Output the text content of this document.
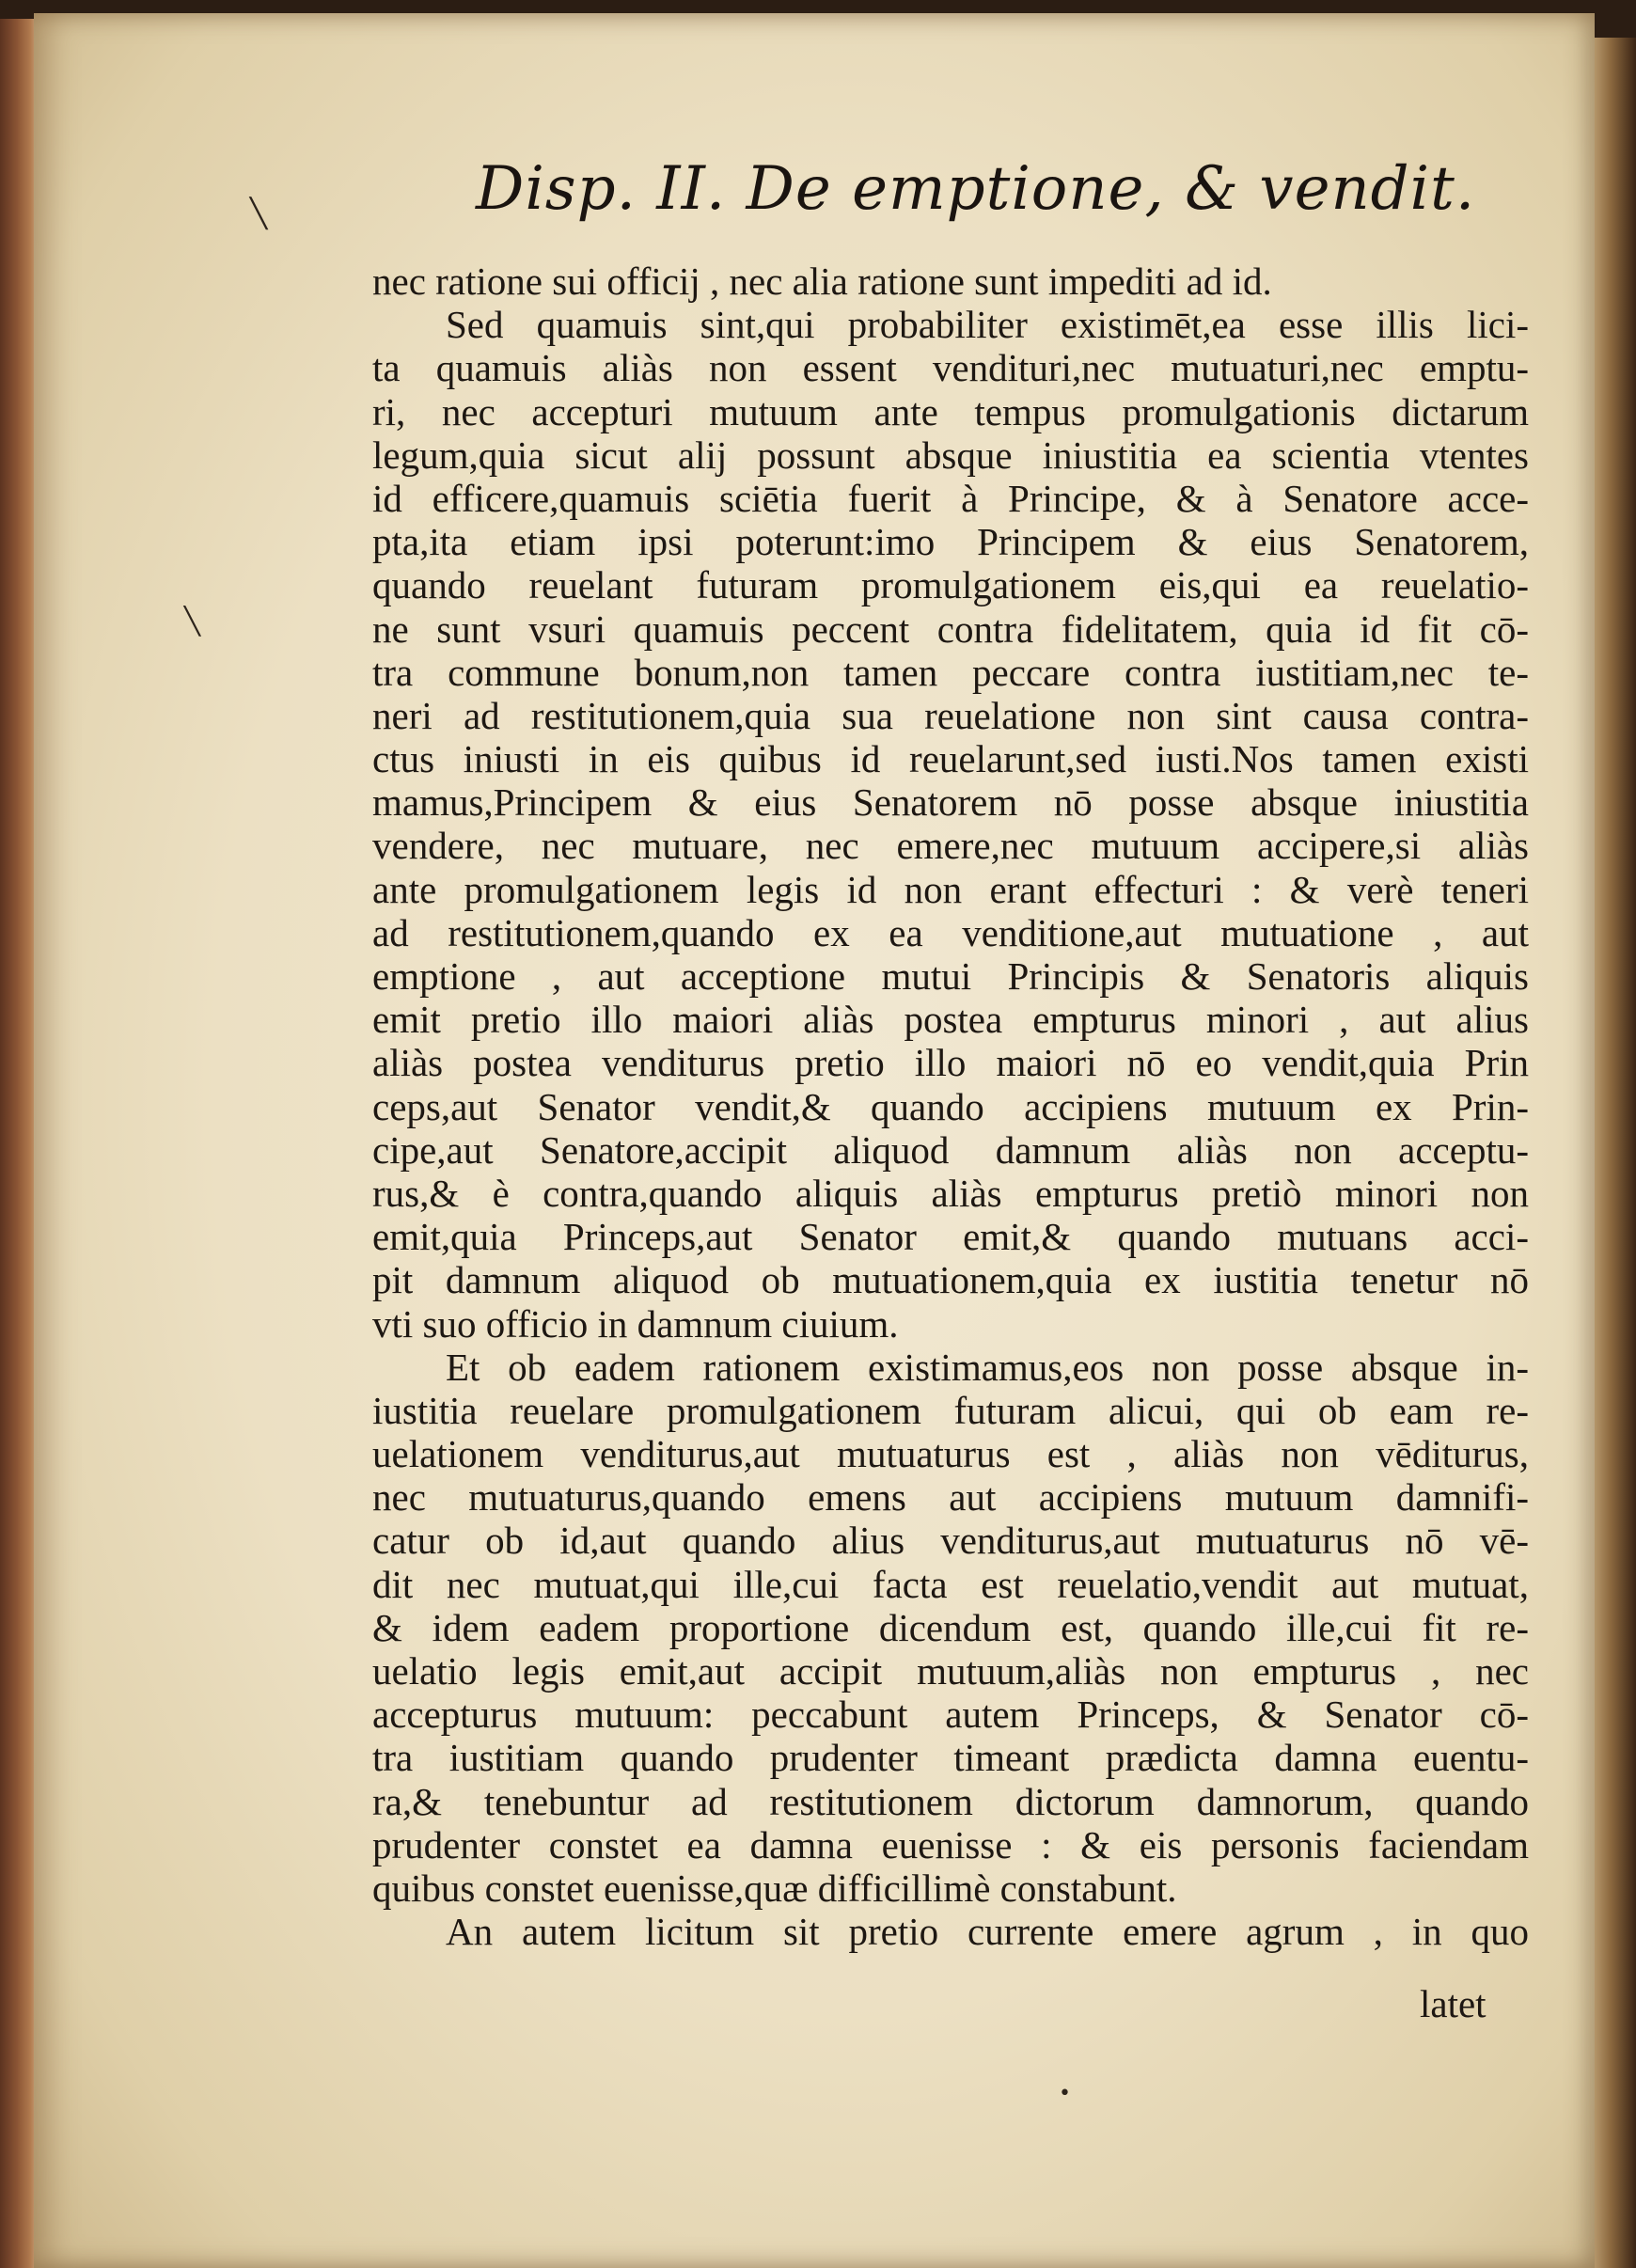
Disp. II. De emptione, & vendit.
nec ratione sui officij , nec alia ratione sunt impediti ad id.
Sed quamuis sint,qui probabiliter existimēt,ea esse illis lici-
ta quamuis aliàs non essent vendituri,nec mutuaturi,nec emptu-
ri, nec accepturi mutuum ante tempus promulgationis dictarum
legum,quia sicut alij possunt absque iniustitia ea scientia vtentes
id efficere,quamuis sciētia fuerit à Principe, & à Senatore acce-
pta,ita etiam ipsi poterunt:imo Principem & eius Senatorem,
quando reuelant futuram promulgationem eis,qui ea reuelatio-
ne sunt vsuri quamuis peccent contra fidelitatem, quia id fit cō-
tra commune bonum,non tamen peccare contra iustitiam,nec te-
neri ad restitutionem,quia sua reuelatione non sint causa contra-
ctus iniusti in eis quibus id reuelarunt,sed iusti.Nos tamen existi
mamus,Principem & eius Senatorem nō posse absque iniustitia
vendere, nec mutuare, nec emere,nec mutuum accipere,si aliàs
ante promulgationem legis id non erant effecturi : & verè teneri
ad restitutionem,quando ex ea venditione,aut mutuatione , aut
emptione , aut acceptione mutui Principis & Senatoris aliquis
emit pretio illo maiori aliàs postea empturus minori , aut alius
aliàs postea venditurus pretio illo maiori nō eo vendit,quia Prin
ceps,aut Senator vendit,& quando accipiens mutuum ex Prin-
cipe,aut Senatore,accipit aliquod damnum aliàs non acceptu-
rus,& è contra,quando aliquis aliàs empturus pretiò minori non
emit,quia Princeps,aut Senator emit,& quando mutuans acci-
pit damnum aliquod ob mutuationem,quia ex iustitia tenetur nō
vti suo officio in damnum ciuium.
Et ob eadem rationem existimamus,eos non posse absque in-
iustitia reuelare promulgationem futuram alicui, qui ob eam re-
uelationem venditurus,aut mutuaturus est , aliàs non vēditurus,
nec mutuaturus,quando emens aut accipiens mutuum damnifi-
catur ob id,aut quando alius venditurus,aut mutuaturus nō vē-
dit nec mutuat,qui ille,cui facta est reuelatio,vendit aut mutuat,
& idem eadem proportione dicendum est, quando ille,cui fit re-
uelatio legis emit,aut accipit mutuum,aliàs non empturus , nec
accepturus mutuum: peccabunt autem Princeps, & Senator cō-
tra iustitiam quando prudenter timeant prædicta damna euentu-
ra,& tenebuntur ad restitutionem dictorum damnorum, quando
prudenter constet ea damna euenisse : & eis personis faciendam
quibus constet euenisse,quæ difficillimè constabunt.
An autem licitum sit pretio currente emere agrum , in quo
latet
╲
╲
•
